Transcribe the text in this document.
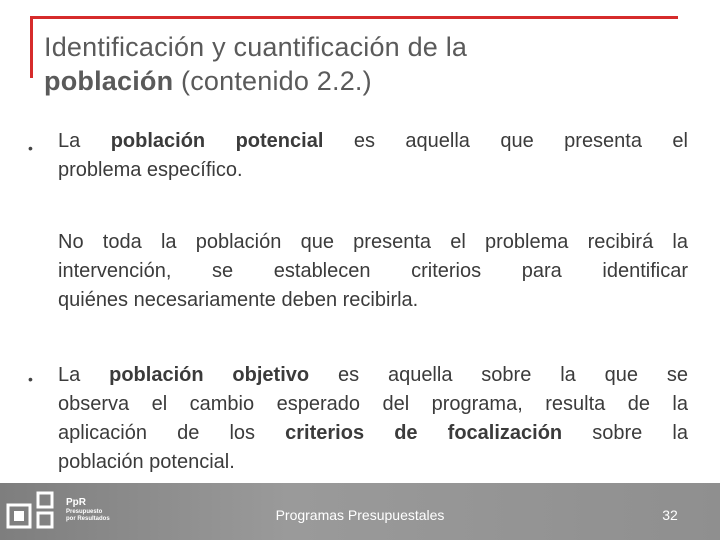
Identificación y cuantificación de la
población (contenido 2.2.)
• La población potencial es aquella que presenta el
problema específico.
No toda la población que presenta el problema recibirá la
intervención, se establecen criterios para identificar
quiénes necesariamente deben recibirla.
• La población objetivo es aquella sobre la que se
observa el cambio esperado del programa, resulta de la
aplicación de los criterios de focalización sobre la
población potencial.
PpR
Presupuesto
por Resultados	Programas Presupuestales	32
